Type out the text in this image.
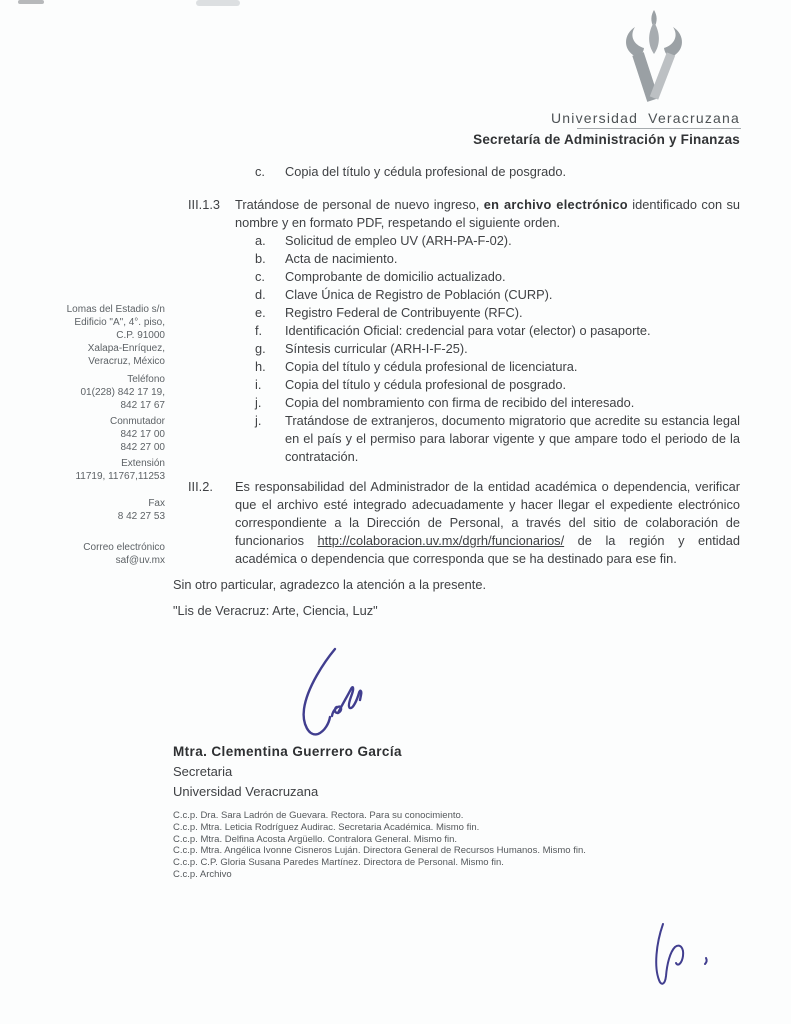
Universidad Veracruzana
Secretaría de Administración y Finanzas
Lomas del Estadio s/n
Edificio "A", 4°. piso,
C.P. 91000
Xalapa-Enríquez,
Veracruz, México
Teléfono
01(228) 842 17 19,
842 17 67
Conmutador
842 17 00
842 27 00
Extensión
11719, 11767,11253
Fax
8 42 27 53
Correo electrónico
saf@uv.mx
c.	Copia del título y cédula profesional de posgrado.
III.1.3	Tratándose de personal de nuevo ingreso, en archivo electrónico identificado con su nombre y en formato PDF, respetando el siguiente orden.
a.	Solicitud de empleo UV (ARH-PA-F-02).
b.	Acta de nacimiento.
c.	Comprobante de domicilio actualizado.
d.	Clave Única de Registro de Población (CURP).
e.	Registro Federal de Contribuyente (RFC).
f.	Identificación Oficial: credencial para votar (elector) o pasaporte.
g.	Síntesis curricular (ARH-I-F-25).
h.	Copia del título y cédula profesional de licenciatura.
i.	Copia del título y cédula profesional de posgrado.
j.	Copia del nombramiento con firma de recibido del interesado.
j.	Tratándose de extranjeros, documento migratorio que acredite su estancia legal en el país y el permiso para laborar vigente y que ampare todo el periodo de la contratación.
III.2.	Es responsabilidad del Administrador de la entidad académica o dependencia, verificar que el archivo esté integrado adecuadamente y hacer llegar el expediente electrónico correspondiente a la Dirección de Personal, a través del sitio de colaboración de funcionarios http://colaboracion.uv.mx/dgrh/funcionarios/ de la región y entidad académica o dependencia que corresponda que se ha destinado para ese fin.
Sin otro particular, agradezco la atención a la presente.
"Lis de Veracruz: Arte, Ciencia, Luz"
Mtra. Clementina Guerrero García
Secretaria
Universidad Veracruzana
C.c.p. Dra. Sara Ladrón de Guevara. Rectora. Para su conocimiento.
C.c.p. Mtra. Leticia Rodríguez Audirac. Secretaria Académica. Mismo fin.
C.c.p. Mtra. Delfina Acosta Argüello. Contralora General. Mismo fin.
C.c.p. Mtra. Angélica Ivonne Cisneros Luján. Directora General de Recursos Humanos. Mismo fin.
C.c.p. C.P. Gloria Susana Paredes Martínez. Directora de Personal. Mismo fin.
C.c.p. Archivo
